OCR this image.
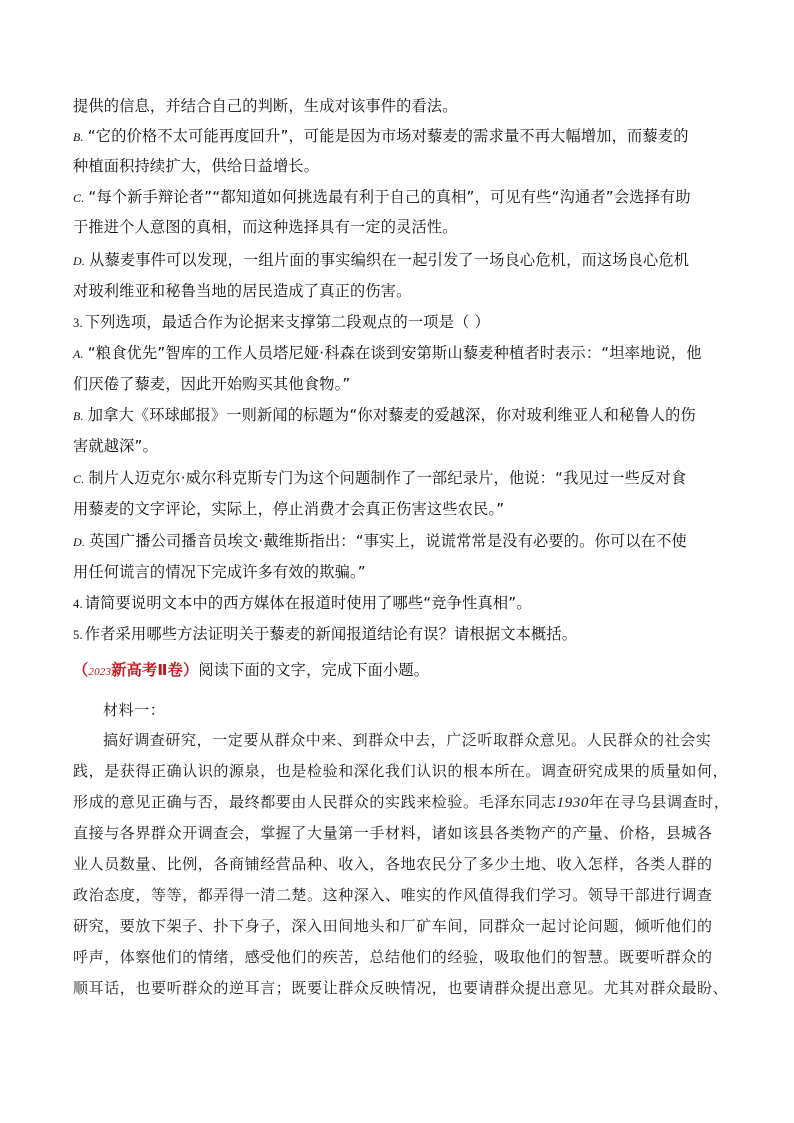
提供的信息，并结合自己的判断，生成对该事件的看法。
B. “它的价格不太可能再度回升”，可能是因为市场对藜麦的需求量不再大幅增加，而藜麦的
种植面积持续扩大，供给日益增长。
C. “每个新手辩论者”“都知道如何挑选最有利于自己的真相”，可见有些“沟通者”会选择有助
于推进个人意图的真相，而这种选择具有一定的灵活性。
D. 从藜麦事件可以发现，一组片面的事实编织在一起引发了一场良心危机，而这场良心危机
对玻利维亚和秘鲁当地的居民造成了真正的伤害。
3. 下列选项，最适合作为论据来支撑第二段观点的一项是（ ）
A. “粮食优先”智库的工作人员塔尼娅·科森在谈到安第斯山藜麦种植者时表示：“坦率地说，他
们厌倦了藜麦，因此开始购买其他食物。”
B. 加拿大《环球邮报》一则新闻的标题为“你对藜麦的爱越深，你对玻利维亚人和秘鲁人的伤
害就越深”。
C. 制片人迈克尔·威尔科克斯专门为这个问题制作了一部纪录片，他说：“我见过一些反对食
用藜麦的文字评论，实际上，停止消费才会真正伤害这些农民。”
D. 英国广播公司播音员埃文·戴维斯指出：“事实上，说谎常常是没有必要的。你可以在不使
用任何谎言的情况下完成许多有效的欺骗。”
4. 请简要说明文本中的西方媒体在报道时使用了哪些“竞争性真相”。
5. 作者采用哪些方法证明关于藜麦的新闻报道结论有误？请根据文本概括。
（2023新高考Ⅱ卷）阅读下面的文字，完成下面小题。
材料一：
搞好调查研究，一定要从群众中来、到群众中去，广泛听取群众意见。人民群众的社会实
践，是获得正确认识的源泉，也是检验和深化我们认识的根本所在。调查研究成果的质量如何，
形成的意见正确与否，最终都要由人民群众的实践来检验。毛泽东同志1930年在寻乌县调查时，
直接与各界群众开调查会，掌握了大量第一手材料，诸如该县各类物产的产量、价格，县城各
业人员数量、比例，各商铺经营品种、收入，各地农民分了多少土地、收入怎样，各类人群的
政治态度，等等，都弄得一清二楚。这种深入、唯实的作风值得我们学习。领导干部进行调查
研究，要放下架子、扑下身子，深入田间地头和厂矿车间，同群众一起讨论问题，倾听他们的
呼声，体察他们的情绪，感受他们的疾苦，总结他们的经验，吸取他们的智慧。既要听群众的
顺耳话，也要听群众的逆耳言；既要让群众反映情况，也要请群众提出意见。尤其对群众最盼、
